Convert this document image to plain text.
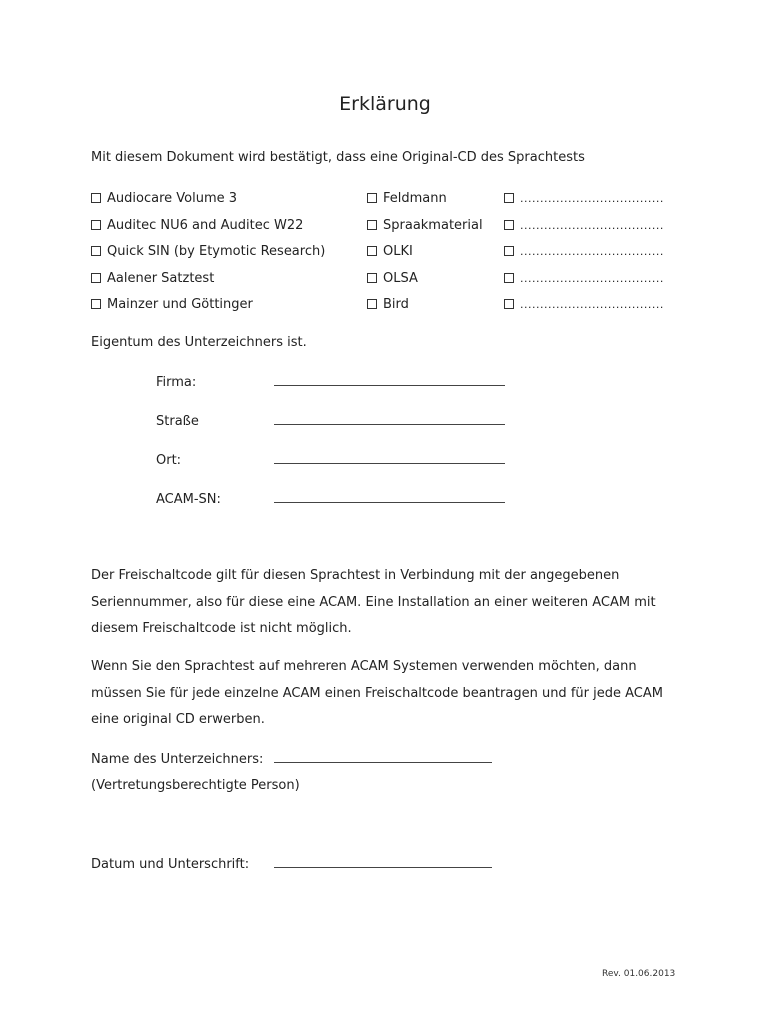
Erklärung
Mit diesem Dokument wird bestätigt, dass eine Original-CD des Sprachtests
Audiocare Volume 3
Auditec NU6 and Auditec W22
Quick SIN (by Etymotic Research)
Aalener Satztest
Mainzer und Göttinger
Feldmann
Spraakmaterial
OLKI
OLSA
Bird
....................................
....................................
....................................
....................................
....................................
Eigentum des Unterzeichners ist.
Firma:
Straße
Ort:
ACAM-SN:
Der Freischaltcode gilt für diesen Sprachtest in Verbindung mit der angegebenen
Seriennummer, also für diese eine ACAM. Eine Installation an einer weiteren ACAM mit
diesem Freischaltcode ist nicht möglich.
Wenn Sie den Sprachtest auf mehreren ACAM Systemen verwenden möchten, dann
müssen Sie für jede einzelne ACAM einen Freischaltcode beantragen und für jede ACAM
eine original CD erwerben.
Name des Unterzeichners:
(Vertretungsberechtigte Person)
Datum und Unterschrift:
Rev. 01.06.2013
